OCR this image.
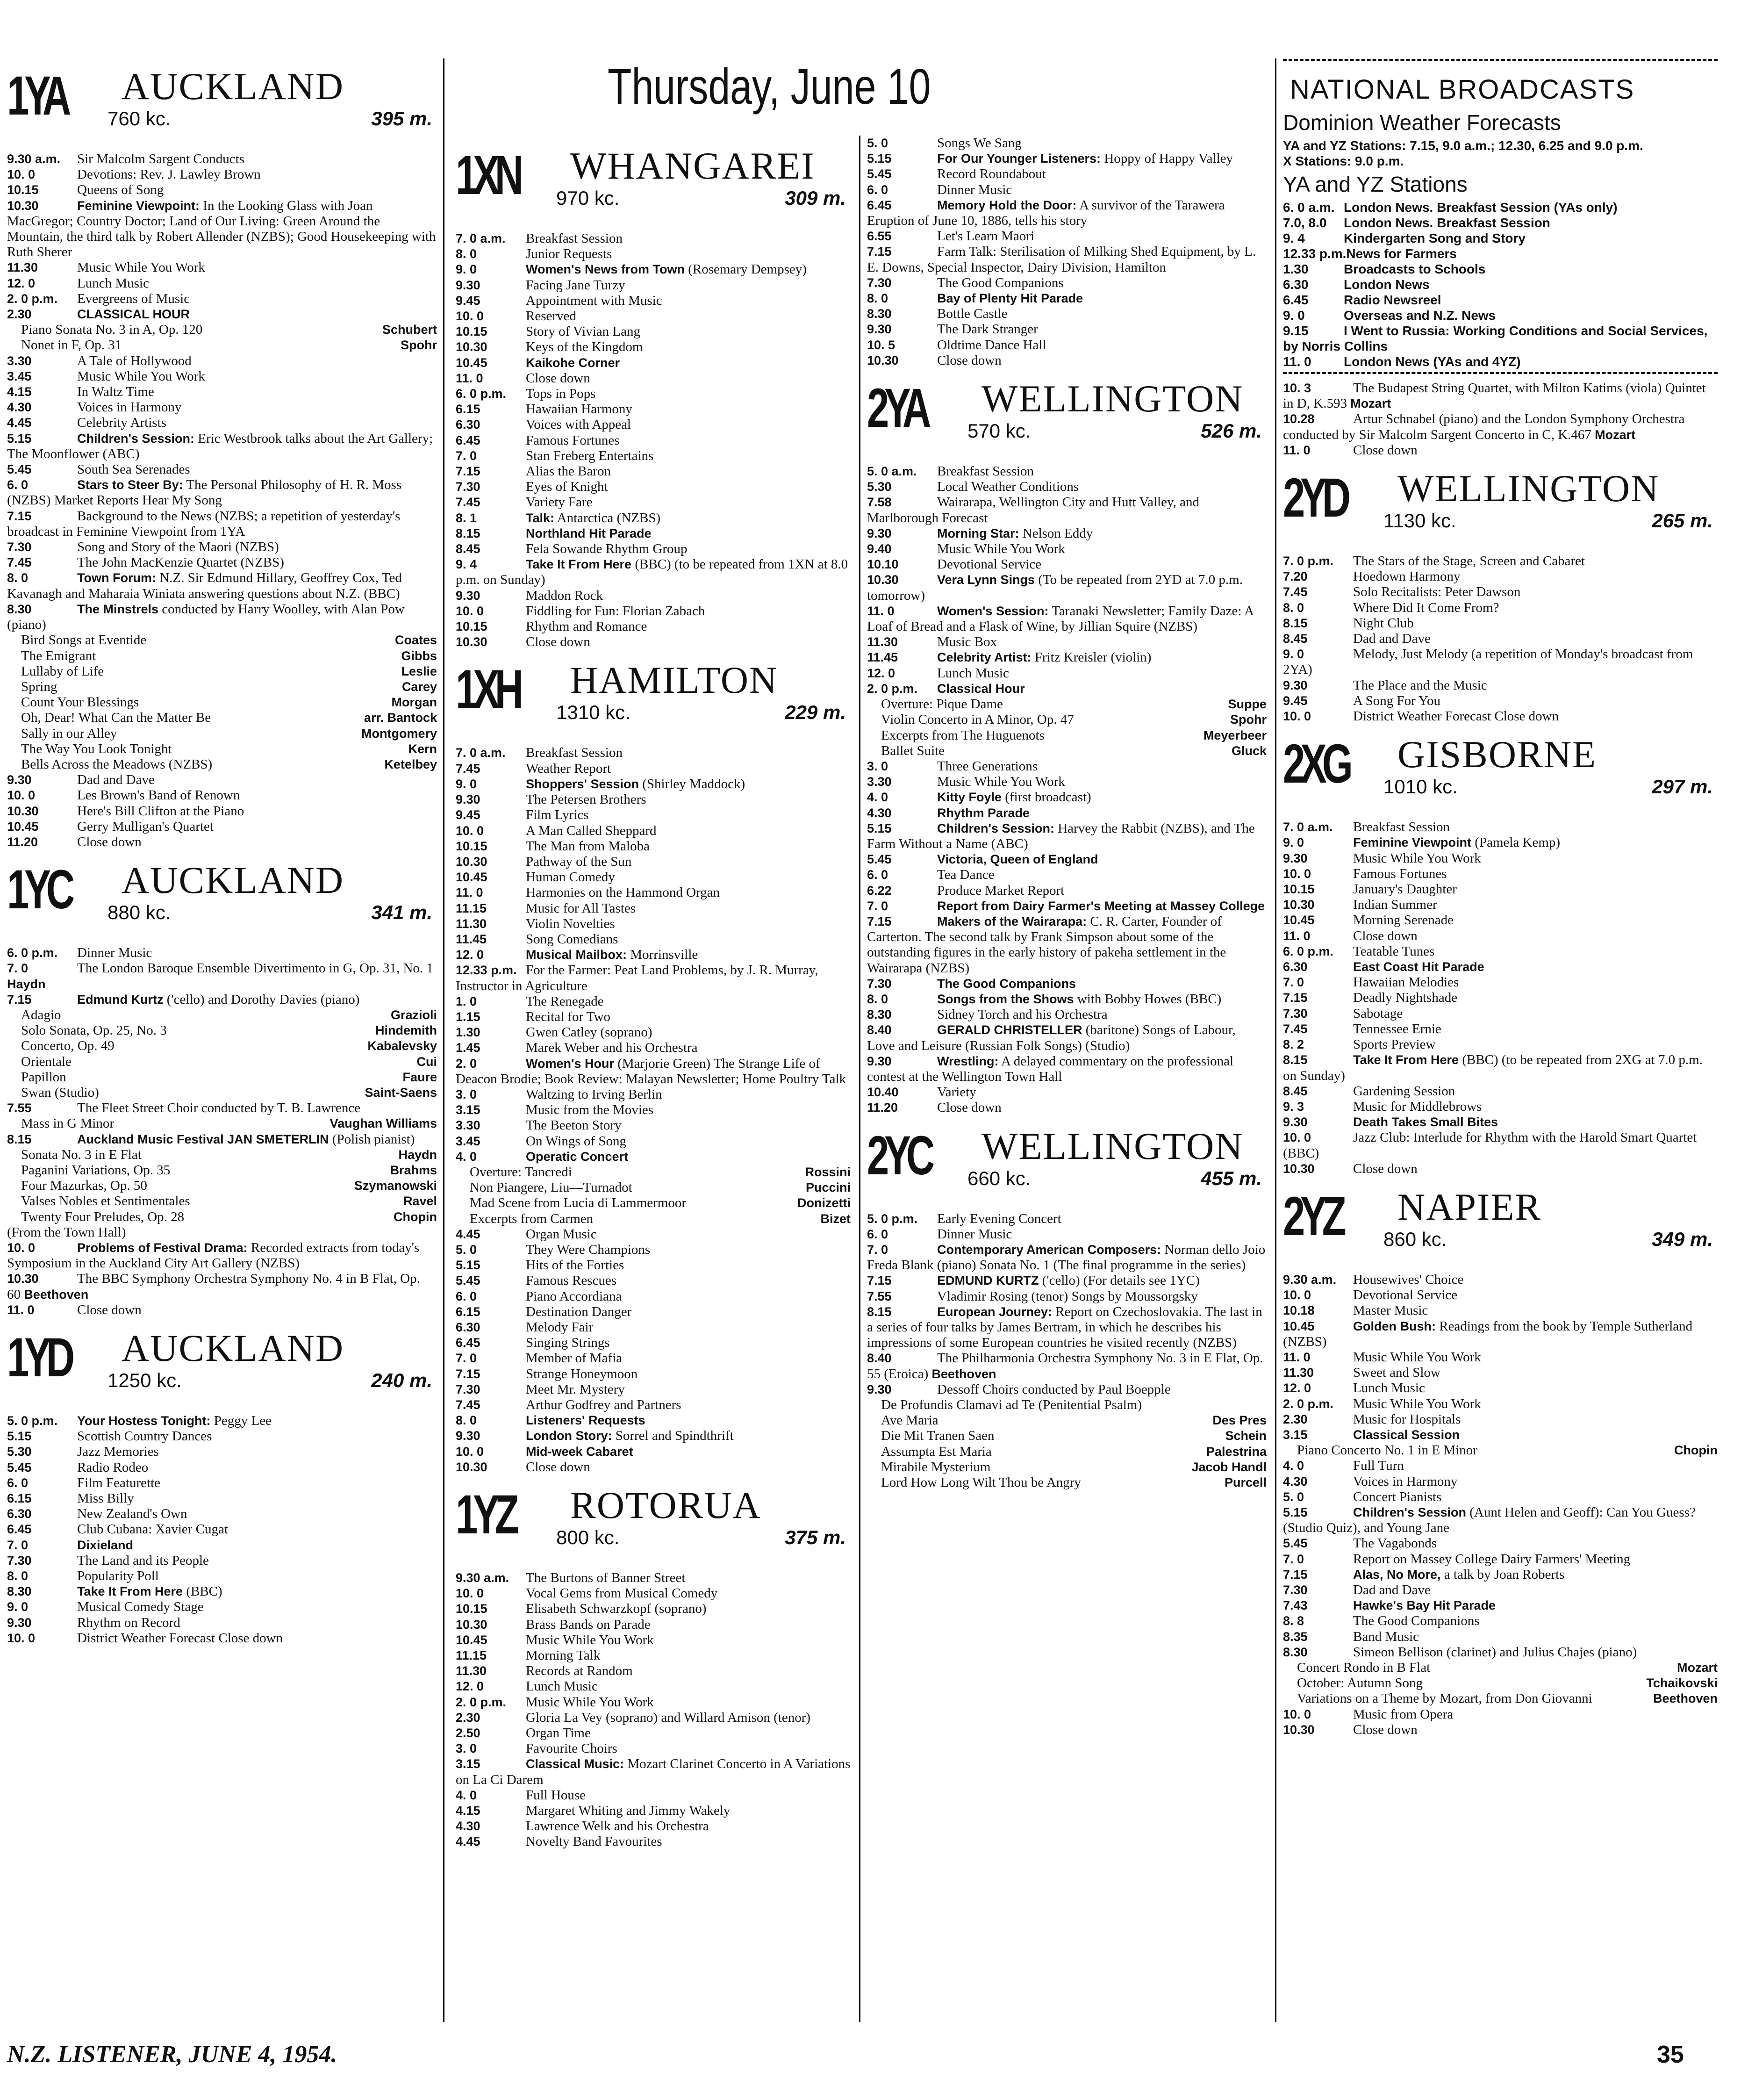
Thursday, June 10
1YA AUCKLAND
760 kc.	395 m.
9.30 a.m. Sir Malcolm Sargent Conducts
10. 0	Devotions: Rev. J. Lawley Brown
10.15	Queens of Song
10.30	Feminine Viewpoint: In the Looking Glass with Joan MacGregor; Country Doctor; Land of Our Living: Green Around the Mountain, the third talk by Robert Allender (NZBS); Good Housekeeping with Ruth Sherer
11.30	Music While You Work
12. 0	Lunch Music
2. 0 p.m. Evergreens of Music
2.30	CLASSICAL HOUR
Piano Sonata No. 3 in A, Op. 120	Schubert
Nonet in F, Op. 31	Spohr
3.30	A Tale of Hollywood
3.45	Music While You Work
4.15	In Waltz Time
4.30	Voices in Harmony
4.45	Celebrity Artists
5.15	Children's Session: Eric Westbrook talks about the Art Gallery; The Moonflower (ABC)
5.45	South Sea Serenades
6. 0	Stars to Steer By: The Personal Philosophy of H. R. Moss (NZBS) Market Reports Hear My Song
7.15	Background to the News (NZBS; a repetition of yesterday's broadcast in Feminine Viewpoint from 1YA
7.30	Song and Story of the Maori (NZBS)
7.45	The John MacKenzie Quartet (NZBS)
8. 0	Town Forum: N.Z. Sir Edmund Hillary, Geoffrey Cox, Ted Kavanagh and Maharaia Winiata answering questions about N.Z. (BBC)
8.30	The Minstrels conducted by Harry Woolley, with Alan Pow (piano)
Bird Songs at Eventide	Coates
The Emigrant	Gibbs
Lullaby of Life	Leslie
Spring	Carey
Count Your Blessings	Morgan
Oh, Dear! What Can the Matter Be	arr. Bantock
Sally in our Alley	Montgomery
The Way You Look Tonight	Kern
Bells Across the Meadows (NZBS)	Ketelbey
9.30	Dad and Dave
10. 0	Les Brown's Band of Renown
10.30	Here's Bill Clifton at the Piano
10.45	Gerry Mulligan's Quartet
11.20	Close down
1YC AUCKLAND
880 kc.	341 m.
6. 0 p.m. Dinner Music
7. 0	The London Baroque Ensemble Divertimento in G, Op. 31, No. 1 Haydn
7.15	Edmund Kurtz ('cello) and Dorothy Davies (piano)
Adagio	Grazioli
Solo Sonata, Op. 25, No. 3	Hindemith
Concerto, Op. 49	Kabalevsky
Orientale	Cui
Papillon	Faure
Swan (Studio)	Saint-Saens
7.55	The Fleet Street Choir conducted by T. B. Lawrence
Mass in G Minor	Vaughan Williams
8.15	Auckland Music Festival JAN SMETERLIN (Polish pianist)
Sonata No. 3 in E Flat	Haydn
Paganini Variations, Op. 35	Brahms
Four Mazurkas, Op. 50	Szymanowski
Valses Nobles et Sentimentales	Ravel
Twenty Four Preludes, Op. 28	Chopin
(From the Town Hall)
10. 0	Problems of Festival Drama: Recorded extracts from today's Symposium in the Auckland City Art Gallery (NZBS)
10.30	The BBC Symphony Orchestra Symphony No. 4 in B Flat, Op. 60 Beethoven
11. 0	Close down
1YD AUCKLAND
1250 kc.	240 m.
5. 0 p.m. Your Hostess Tonight: Peggy Lee
5.15	Scottish Country Dances
5.30	Jazz Memories
5.45	Radio Rodeo
6. 0	Film Featurette
6.15	Miss Billy
6.30	New Zealand's Own
6.45	Club Cubana: Xavier Cugat
7. 0	Dixieland
7.30	The Land and its People
8. 0	Popularity Poll
8.30	Take It From Here (BBC)
9. 0	Musical Comedy Stage
9.30	Rhythm on Record
10. 0	District Weather Forecast Close down
1XN WHANGAREI
970 kc.	309 m.
7. 0 a.m. Breakfast Session
8. 0	Junior Requests
9. 0	Women's News from Town (Rosemary Dempsey)
9.30	Facing Jane Turzy
9.45	Appointment with Music
10. 0	Reserved
10.15	Story of Vivian Lang
10.30	Keys of the Kingdom
10.45	Kaikohe Corner
11. 0	Close down
6. 0 p.m. Tops in Pops
6.15	Hawaiian Harmony
6.30	Voices with Appeal
6.45	Famous Fortunes
7. 0	Stan Freberg Entertains
7.15	Alias the Baron
7.30	Eyes of Knight
7.45	Variety Fare
8. 1	Talk: Antarctica (NZBS)
8.15	Northland Hit Parade
8.45	Fela Sowande Rhythm Group
9. 4	Take It From Here (BBC) (to be repeated from 1XN at 8.0 p.m. on Sunday)
9.30	Maddon Rock
10. 0	Fiddling for Fun: Florian Zabach
10.15	Rhythm and Romance
10.30	Close down
1XH HAMILTON
1310 kc.	229 m.
7. 0 a.m. Breakfast Session
7.45	Weather Report
9. 0	Shoppers' Session (Shirley Maddock)
9.30	The Petersen Brothers
9.45	Film Lyrics
10. 0	A Man Called Sheppard
10.15	The Man from Maloba
10.30	Pathway of the Sun
10.45	Human Comedy
11. 0	Harmonies on the Hammond Organ
11.15	Music for All Tastes
11.30	Violin Novelties
11.45	Song Comedians
12. 0	Musical Mailbox: Morrinsville
12.33 p.m. For the Farmer: Peat Land Problems, by J. R. Murray, Instructor in Agriculture
1. 0	The Renegade
1.15	Recital for Two
1.30	Gwen Catley (soprano)
1.45	Marek Weber and his Orchestra
2. 0	Women's Hour (Marjorie Green) The Strange Life of Deacon Brodie; Book Review: Malayan Newsletter; Home Poultry Talk
3. 0	Waltzing to Irving Berlin
3.15	Music from the Movies
3.30	The Beeton Story
3.45	On Wings of Song
4. 0	Operatic Concert
Overture: Tancredi	Rossini
Non Piangere, Liu—Turnadot	Puccini
Mad Scene from Lucia di Lammermoor	Donizetti
Excerpts from Carmen	Bizet
4.45	Organ Music
5. 0	They Were Champions
5.15	Hits of the Forties
5.45	Famous Rescues
6. 0	Piano Accordiana
6.15	Destination Danger
6.30	Melody Fair
6.45	Singing Strings
7. 0	Member of Mafia
7.15	Strange Honeymoon
7.30	Meet Mr. Mystery
7.45	Arthur Godfrey and Partners
8. 0	Listeners' Requests
9.30	London Story: Sorrel and Spindthrift
10. 0	Mid-week Cabaret
10.30	Close down
1YZ ROTORUA
800 kc.	375 m.
9.30 a.m. The Burtons of Banner Street
10. 0	Vocal Gems from Musical Comedy
10.15	Elisabeth Schwarzkopf (soprano)
10.30	Brass Bands on Parade
10.45	Music While You Work
11.15	Morning Talk
11.30	Records at Random
12. 0	Lunch Music
2. 0 p.m. Music While You Work
2.30	Gloria La Vey (soprano) and Willard Amison (tenor)
2.50	Organ Time
3. 0	Favourite Choirs
3.15	Classical Music: Mozart Clarinet Concerto in A Variations on La Ci Darem
4. 0	Full House
4.15	Margaret Whiting and Jimmy Wakely
4.30	Lawrence Welk and his Orchestra
4.45	Novelty Band Favourites
5. 0	Songs We Sang
5.15	For Our Younger Listeners: Hoppy of Happy Valley
5.45	Record Roundabout
6. 0	Dinner Music
6.45	Memory Hold the Door: A survivor of the Tarawera Eruption of June 10, 1886, tells his story
6.55	Let's Learn Maori
7.15	Farm Talk: Sterilisation of Milking Shed Equipment, by L. E. Downs, Special Inspector, Dairy Division, Hamilton
7.30	The Good Companions
8. 0	Bay of Plenty Hit Parade
8.30	Bottle Castle
9.30	The Dark Stranger
10. 5	Oldtime Dance Hall
10.30	Close down
2YA WELLINGTON
570 kc.	526 m.
5. 0 a.m. Breakfast Session
5.30	Local Weather Conditions
7.58	Wairarapa, Wellington City and Hutt Valley, and Marlborough Forecast
9.30	Morning Star: Nelson Eddy
9.40	Music While You Work
10.10	Devotional Service
10.30	Vera Lynn Sings (To be repeated from 2YD at 7.0 p.m. tomorrow)
11. 0	Women's Session: Taranaki Newsletter; Family Daze: A Loaf of Bread and a Flask of Wine, by Jillian Squire (NZBS)
11.30	Music Box
11.45	Celebrity Artist: Fritz Kreisler (violin)
12. 0	Lunch Music
2. 0 p.m. Classical Hour
Overture: Pique Dame	Suppe
Violin Concerto in A Minor, Op. 47	Spohr
Excerpts from The Huguenots	Meyerbeer
Ballet Suite	Gluck
3. 0	Three Generations
3.30	Music While You Work
4. 0	Kitty Foyle (first broadcast)
4.30	Rhythm Parade
5.15	Children's Session: Harvey the Rabbit (NZBS), and The Farm Without a Name (ABC)
5.45	Victoria, Queen of England
6. 0	Tea Dance
6.22	Produce Market Report
7. 0	Report from Dairy Farmer's Meeting at Massey College
7.15	Makers of the Wairarapa: C. R. Carter, Founder of Carterton. The second talk by Frank Simpson about some of the outstanding figures in the early history of pakeha settlement in the Wairarapa (NZBS)
7.30	The Good Companions
8. 0	Songs from the Shows with Bobby Howes (BBC)
8.30	Sidney Torch and his Orchestra
8.40	GERALD CHRISTELLER (baritone) Songs of Labour, Love and Leisure (Russian Folk Songs) (Studio)
9.30	Wrestling: A delayed commentary on the professional contest at the Wellington Town Hall
10.40	Variety
11.20	Close down
2YC WELLINGTON
660 kc.	455 m.
5. 0 p.m. Early Evening Concert
6. 0	Dinner Music
7. 0	Contemporary American Composers: Norman dello Joio Freda Blank (piano) Sonata No. 1 (The final programme in the series)
7.15	EDMUND KURTZ ('cello) (For details see 1YC)
7.55	Vladimir Rosing (tenor) Songs by Moussorgsky
8.15	European Journey: Report on Czechoslovakia. The last in a series of four talks by James Bertram, in which he describes his impressions of some European countries he visited recently (NZBS)
8.40	The Philharmonia Orchestra Symphony No. 3 in E Flat, Op. 55 (Eroica) Beethoven
9.30	Dessoff Choirs conducted by Paul Boepple
De Profundis Clamavi ad Te (Penitential Psalm)
Ave Maria	Des Pres
Die Mit Tranen Saen	Schein
Assumpta Est Maria	Palestrina
Mirabile Mysterium	Jacob Handl
Lord How Long Wilt Thou be Angry	Purcell
NATIONAL BROADCASTS
Dominion Weather Forecasts
YA and YZ Stations: 7.15, 9.0 a.m.; 12.30, 6.25 and 9.0 p.m.
X Stations: 9.0 p.m.
YA and YZ Stations
6. 0 a.m. London News. Breakfast Session (YAs only)
7.0, 8.0 London News. Breakfast Session
9. 4	Kindergarten Song and Story
12.33 p.m.News for Farmers
1.30	Broadcasts to Schools
6.30	London News
6.45	Radio Newsreel
9. 0	Overseas and N.Z. News
9.15	I Went to Russia: Working Conditions and Social Services, by Norris Collins
11. 0 London News (YAs and 4YZ)
10. 3	The Budapest String Quartet, with Milton Katims (viola) Quintet in D, K.593 Mozart
10.28	Artur Schnabel (piano) and the London Symphony Orchestra conducted by Sir Malcolm Sargent Concerto in C, K.467 Mozart
11. 0	Close down
2YD WELLINGTON
1130 kc.	265 m.
7. 0 p.m. The Stars of the Stage, Screen and Cabaret
7.20	Hoedown Harmony
7.45	Solo Recitalists: Peter Dawson
8. 0	Where Did It Come From?
8.15	Night Club
8.45	Dad and Dave
9. 0	Melody, Just Melody (a repetition of Monday's broadcast from 2YA)
9.30	The Place and the Music
9.45	A Song For You
10. 0	District Weather Forecast Close down
2XG GISBORNE
1010 kc.	297 m.
7. 0 a.m. Breakfast Session
9. 0	Feminine Viewpoint (Pamela Kemp)
9.30	Music While You Work
10. 0	Famous Fortunes
10.15	January's Daughter
10.30	Indian Summer
10.45	Morning Serenade
11. 0	Close down
6. 0 p.m. Teatable Tunes
6.30	East Coast Hit Parade
7. 0	Hawaiian Melodies
7.15	Deadly Nightshade
7.30	Sabotage
7.45	Tennessee Ernie
8. 2	Sports Preview
8.15	Take It From Here (BBC) (to be repeated from 2XG at 7.0 p.m. on Sunday)
8.45	Gardening Session
9. 3	Music for Middlebrows
9.30	Death Takes Small Bites
10. 0	Jazz Club: Interlude for Rhythm with the Harold Smart Quartet (BBC)
10.30	Close down
2YZ NAPIER
860 kc.	349 m.
9.30 a.m. Housewives' Choice
10. 0	Devotional Service
10.18	Master Music
10.45	Golden Bush: Readings from the book by Temple Sutherland (NZBS)
11. 0	Music While You Work
11.30	Sweet and Slow
12. 0	Lunch Music
2. 0 p.m. Music While You Work
2.30	Music for Hospitals
3.15	Classical Session
Piano Concerto No. 1 in E Minor	Chopin
4. 0	Full Turn
4.30	Voices in Harmony
5. 0	Concert Pianists
5.15	Children's Session (Aunt Helen and Geoff): Can You Guess? (Studio Quiz), and Young Jane
5.45	The Vagabonds
7. 0	Report on Massey College Dairy Farmers' Meeting
7.15	Alas, No More, a talk by Joan Roberts
7.30	Dad and Dave
7.43	Hawke's Bay Hit Parade
8. 8	The Good Companions
8.35	Band Music
8.30	Simeon Bellison (clarinet) and Julius Chajes (piano)
Concert Rondo in B Flat	Mozart
October: Autumn Song	Tchaikovski
Variations on a Theme by Mozart, from Don Giovanni	Beethoven
10. 0	Music from Opera
10.30	Close down
N.Z. LISTENER, JUNE 4, 1954.	35
